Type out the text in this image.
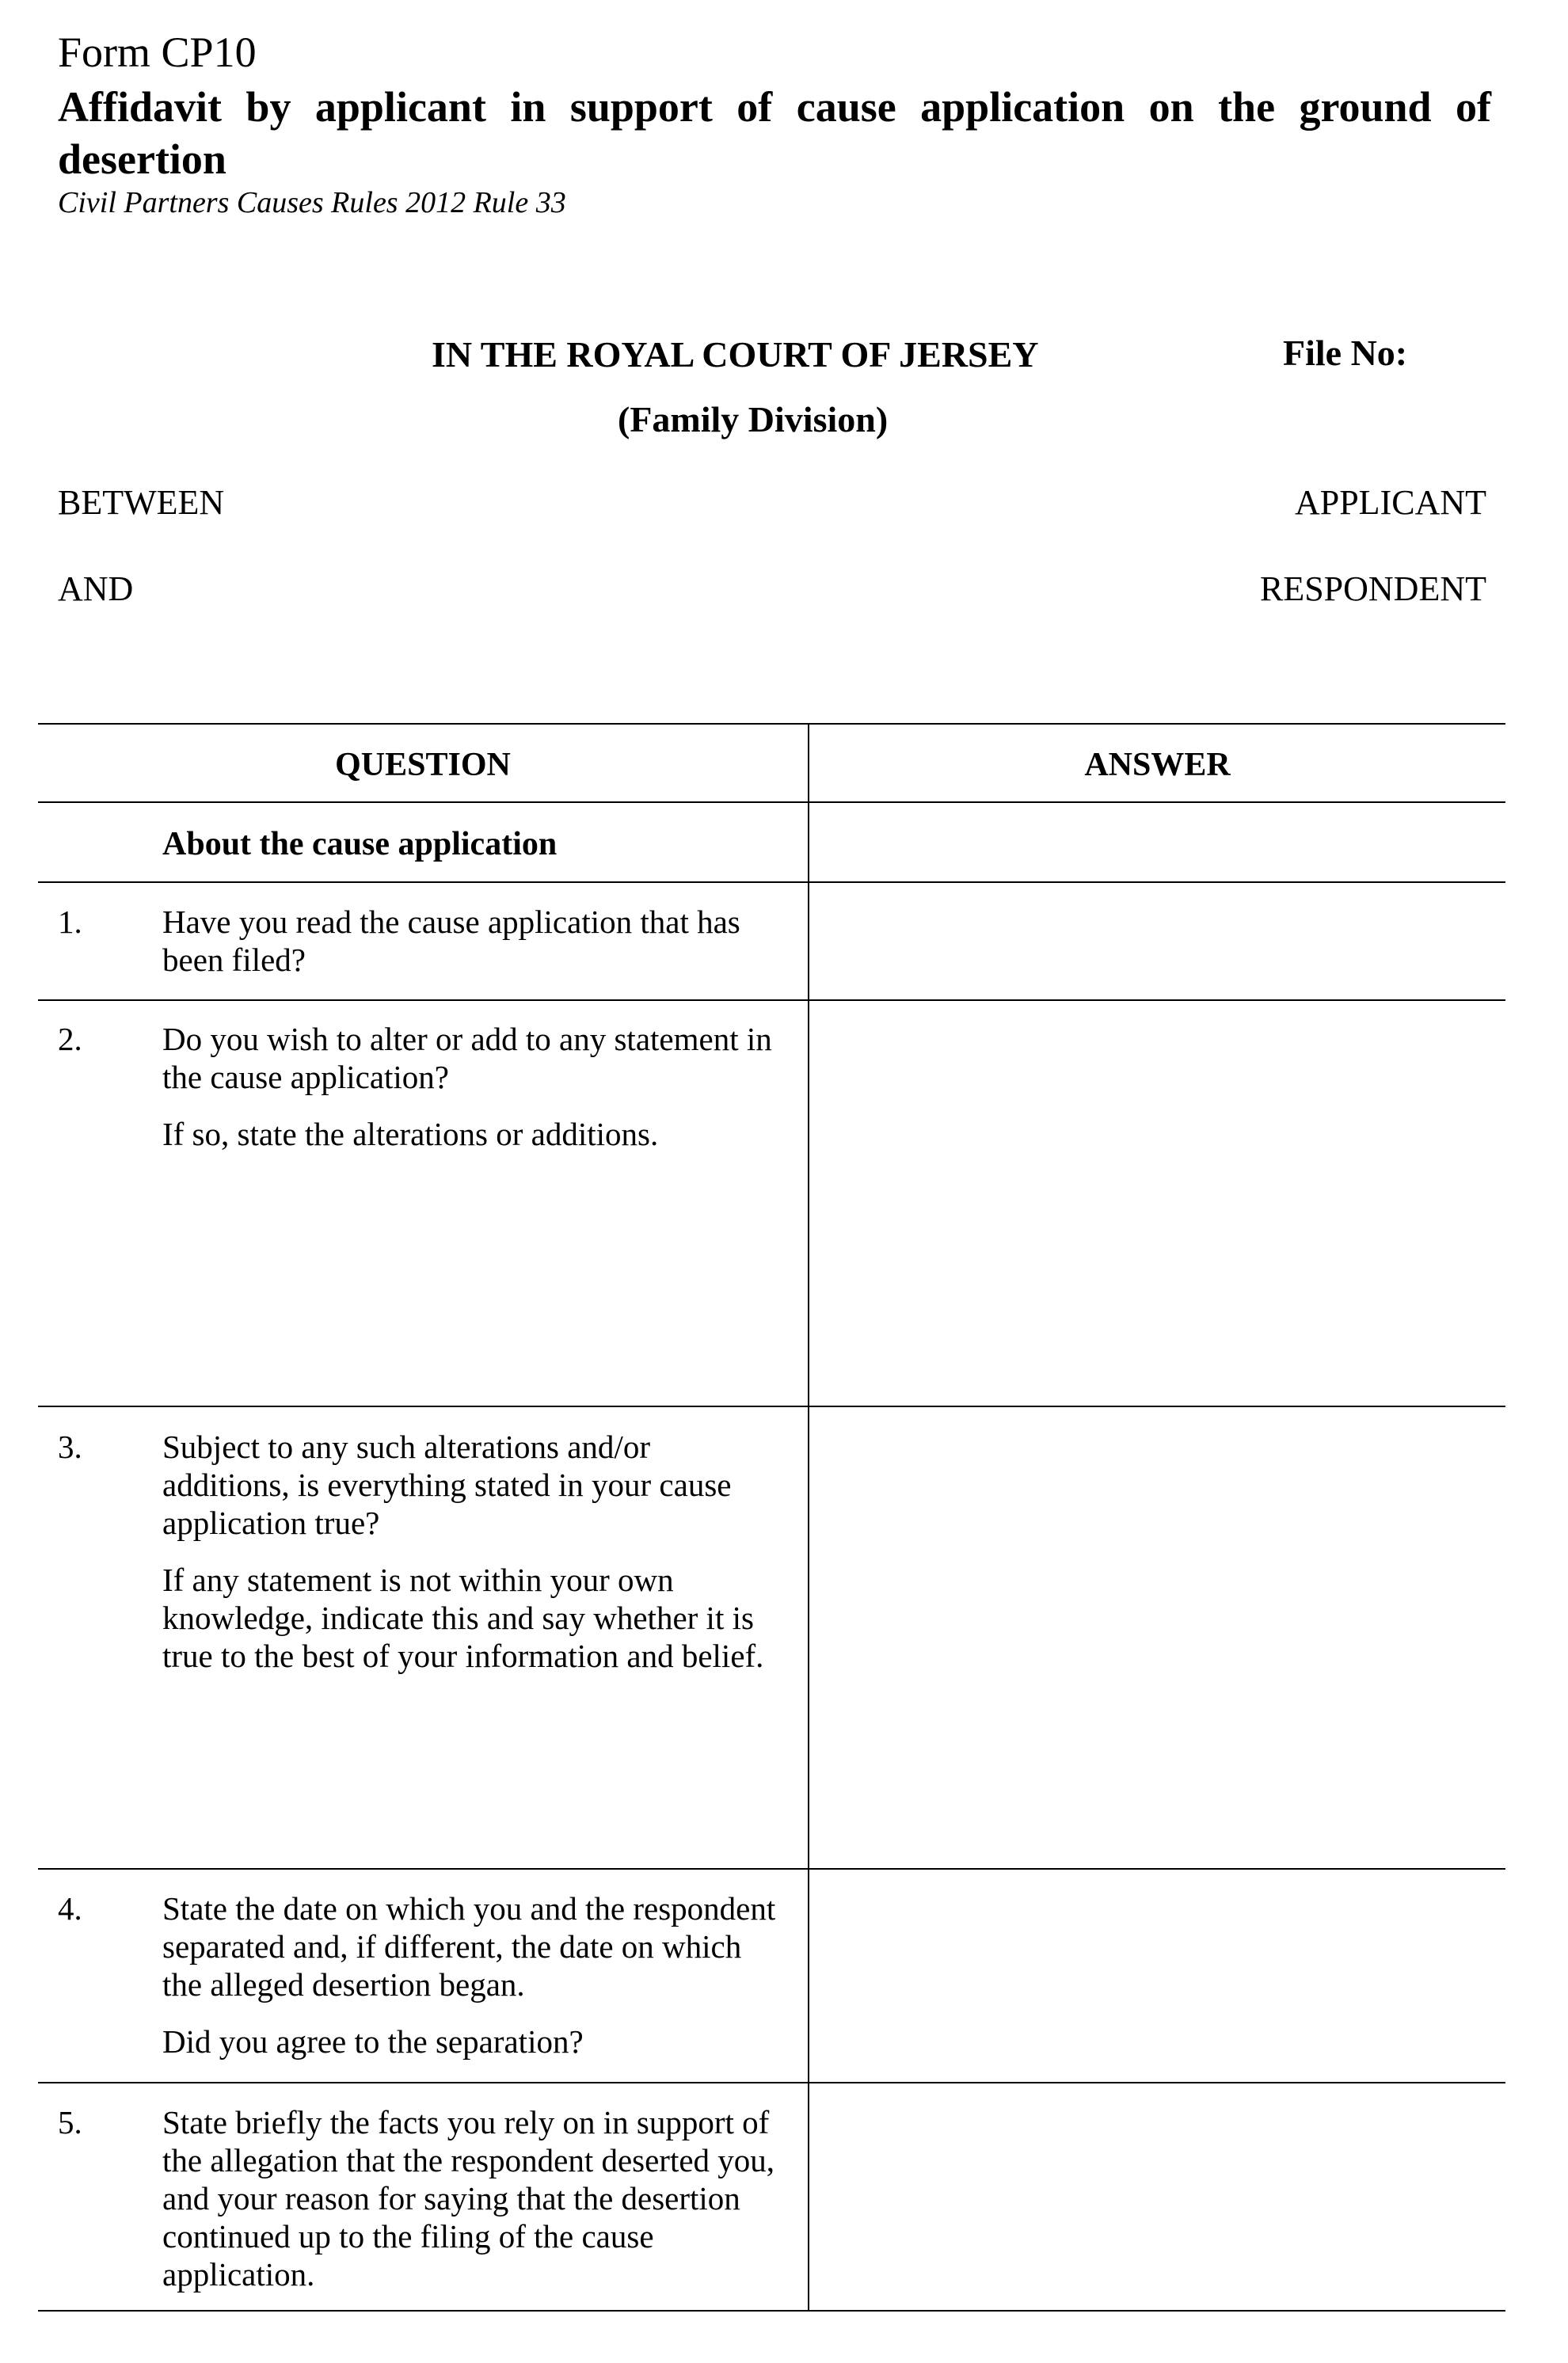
Form CP10
Affidavit by applicant in support of cause application on the ground of desertion
Civil Partners Causes Rules 2012 Rule 33
IN THE ROYAL COURT OF JERSEY	File No:
(Family Division)
BETWEEN	APPLICANT
AND	RESPONDENT
QUESTION	ANSWER
About the cause application
1. Have you read the cause application that has
been filed?

2. Do you wish to alter or add to any statement in
the cause application?

If so, state the alterations or additions.

3. Subject to any such alterations and/or
additions, is everything stated in your cause
application true?

If any statement is not within your own
knowledge, indicate this and say whether it is
true to the best of your information and belief.

4. State the date on which you and the respondent
separated and, if different, the date on which
the alleged desertion began.

Did you agree to the separation?

5. State briefly the facts you rely on in support of
the allegation that the respondent deserted you,
and your reason for saying that the desertion
continued up to the filing of the cause
application.
